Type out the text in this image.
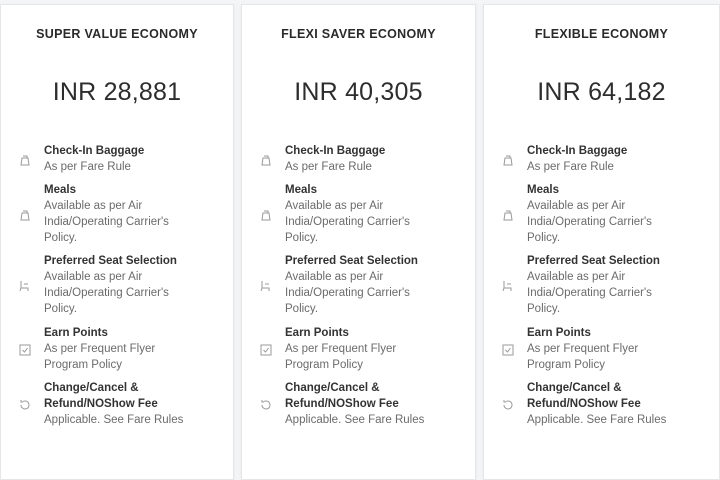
SUPER VALUE ECONOMY
INR 28,881
Check-In Baggage
As per Fare Rule
Meals
Available as per Air
India/Operating Carrier's
Policy.
Preferred Seat Selection
Available as per Air
India/Operating Carrier's
Policy.
Earn Points
As per Frequent Flyer
Program Policy
Change/Cancel &
Refund/NOShow Fee
Applicable. See Fare Rules
FLEXI SAVER ECONOMY
INR 40,305
Check-In Baggage
As per Fare Rule
Meals
Available as per Air
India/Operating Carrier's
Policy.
Preferred Seat Selection
Available as per Air
India/Operating Carrier's
Policy.
Earn Points
As per Frequent Flyer
Program Policy
Change/Cancel &
Refund/NOShow Fee
Applicable. See Fare Rules
FLEXIBLE ECONOMY
INR 64,182
Check-In Baggage
As per Fare Rule
Meals
Available as per Air
India/Operating Carrier's
Policy.
Preferred Seat Selection
Available as per Air
India/Operating Carrier's
Policy.
Earn Points
As per Frequent Flyer
Program Policy
Change/Cancel &
Refund/NOShow Fee
Applicable. See Fare Rules
